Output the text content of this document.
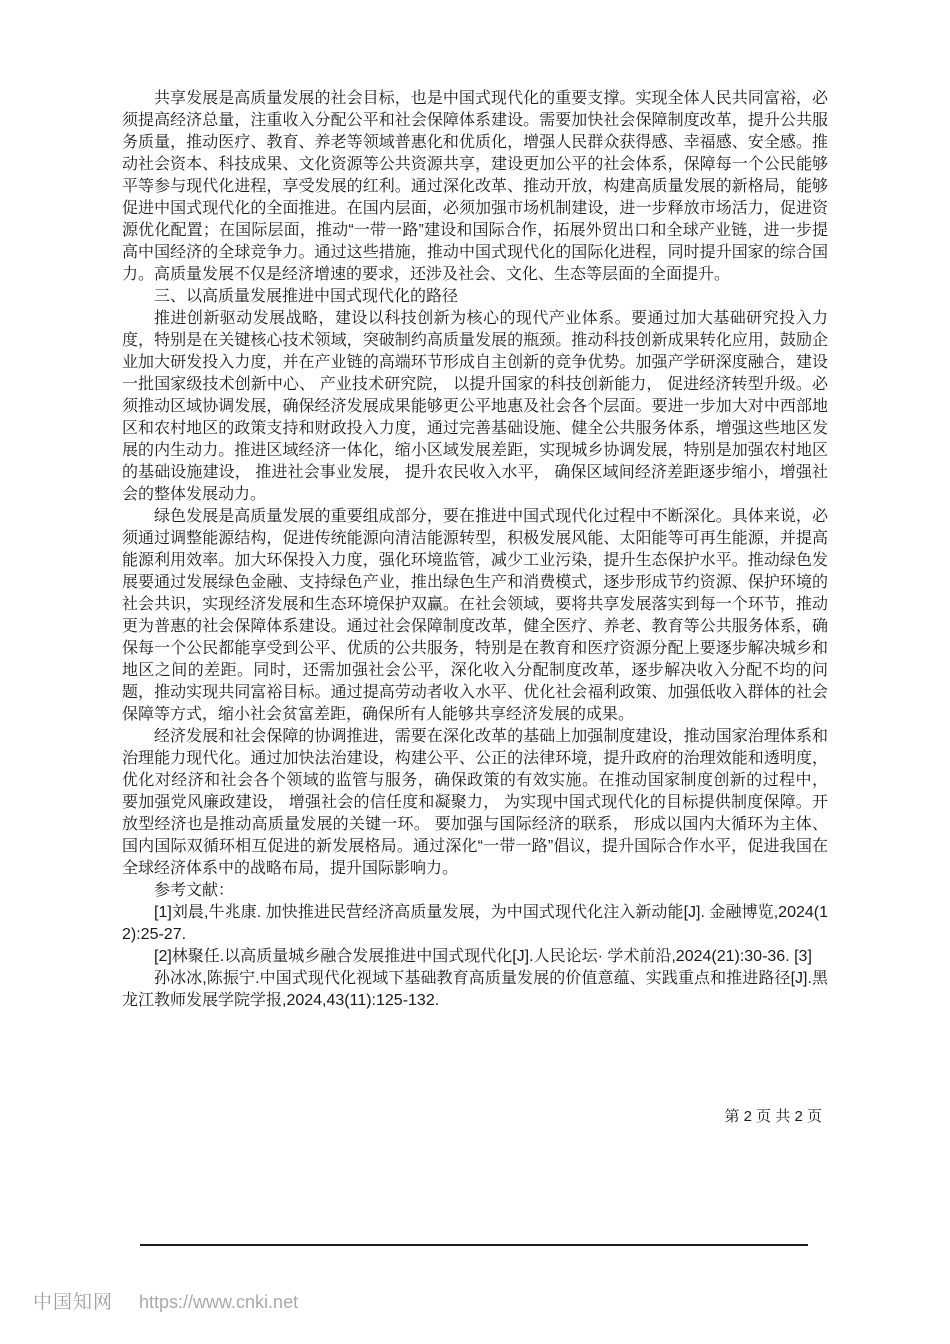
共享发展是高质量发展的社会目标，也是中国式现代化的重要支撑。实现全体人民共同富裕，必须提高经济总量，注重收入分配公平和社会保障体系建设。需要加快社会保障制度改革，提升公共服务质量，推动医疗、教育、养老等领域普惠化和优质化，增强人民群众获得感、幸福感、安全感。推动社会资本、科技成果、文化资源等公共资源共享，建设更加公平的社会体系，保障每一个公民能够平等参与现代化进程，享受发展的红利。通过深化改革、推动开放，构建高质量发展的新格局，能够促进中国式现代化的全面推进。在国内层面，必须加强市场机制建设，进一步释放市场活力，促进资源优化配置；在国际层面，推动“一带一路”建设和国际合作，拓展外贸出口和全球产业链，进一步提高中国经济的全球竞争力。通过这些措施，推动中国式现代化的国际化进程，同时提升国家的综合国力。高质量发展不仅是经济增速的要求，还涉及社会、文化、生态等层面的全面提升。

三、以高质量发展推进中国式现代化的路径

推进创新驱动发展战略，建设以科技创新为核心的现代产业体系。要通过加大基础研究投入力度，特别是在关键核心技术领域，突破制约高质量发展的瓶颈。推动科技创新成果转化应用，鼓励企业加大研发投入力度，并在产业链的高端环节形成自主创新的竞争优势。加强产学研深度融合，建设一批国家级技术创新中心、 产业技术研究院， 以提升国家的科技创新能力， 促进经济转型升级。必须推动区域协调发展，确保经济发展成果能够更公平地惠及社会各个层面。要进一步加大对中西部地区和农村地区的政策支持和财政投入力度，通过完善基础设施、健全公共服务体系，增强这些地区发展的内生动力。推进区域经济一体化，缩小区域发展差距，实现城乡协调发展，特别是加强农村地区的基础设施建设， 推进社会事业发展， 提升农民收入水平， 确保区域间经济差距逐步缩小，增强社会的整体发展动力。

绿色发展是高质量发展的重要组成部分，要在推进中国式现代化过程中不断深化。具体来说，必须通过调整能源结构，促进传统能源向清洁能源转型，积极发展风能、太阳能等可再生能源，并提高能源利用效率。加大环保投入力度，强化环境监管，减少工业污染，提升生态保护水平。推动绿色发展要通过发展绿色金融、支持绿色产业，推出绿色生产和消费模式，逐步形成节约资源、保护环境的社会共识，实现经济发展和生态环境保护双赢。在社会领域，要将共享发展落实到每一个环节，推动更为普惠的社会保障体系建设。通过社会保障制度改革，健全医疗、养老、教育等公共服务体系，确保每一个公民都能享受到公平、优质的公共服务，特别是在教育和医疗资源分配上要逐步解决城乡和地区之间的差距。同时，还需加强社会公平，深化收入分配制度改革，逐步解决收入分配不均的问题，推动实现共同富裕目标。通过提高劳动者收入水平、优化社会福利政策、加强低收入群体的社会保障等方式，缩小社会贫富差距，确保所有人能够共享经济发展的成果。

经济发展和社会保障的协调推进，需要在深化改革的基础上加强制度建设，推动国家治理体系和治理能力现代化。通过加快法治建设，构建公平、公正的法律环境，提升政府的治理效能和透明度，优化对经济和社会各个领域的监管与服务，确保政策的有效实施。在推动国家制度创新的过程中， 要加强党风廉政建设， 增强社会的信任度和凝聚力， 为实现中国式现代化的目标提供制度保障。开放型经济也是推动高质量发展的关键一环。 要加强与国际经济的联系， 形成以国内大循环为主体、国内国际双循环相互促进的新发展格局。通过深化“一带一路”倡议，提升国际合作水平，促进我国在全球经济体系中的战略布局，提升国际影响力。

参考文献：

[1]刘晨,牛兆康. 加快推进民营经济高质量发展，为中国式现代化注入新动能[J]. 金融博览,2024(12):25-27.

[2]林聚任.以高质量城乡融合发展推进中国式现代化[J].人民论坛· 学术前沿,2024(21):30-36. [3]

孙冰冰,陈振宁.中国式现代化视域下基础教育高质量发展的价值意蕴、实践重点和推进路径[J].黑龙江教师发展学院学报,2024,43(11):125-132.

第 2 页 共 2 页
中国知网 https://www.cnki.net
